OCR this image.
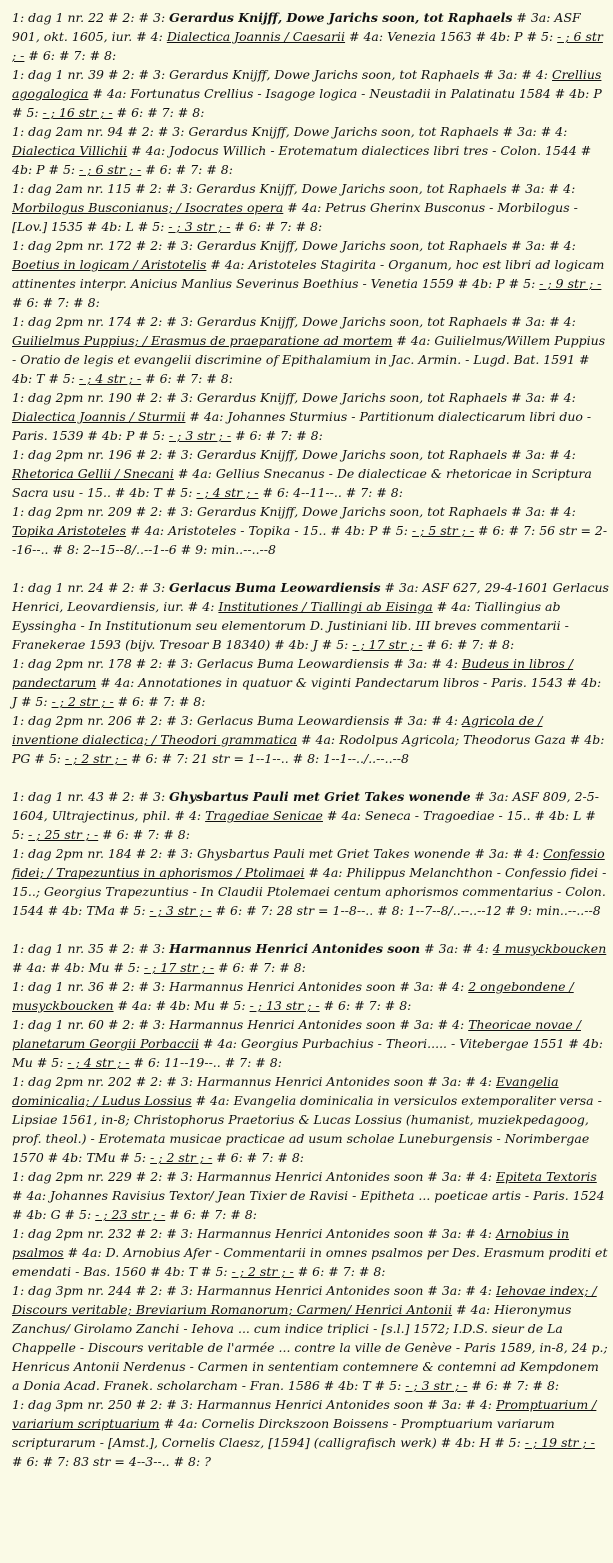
1: dag 1 nr. 22 # 2: # 3: Gerardus Knijff, Dowe Jarichs soon, tot Raphaels # 3a: ASF 901, okt. 1605, iur. # 4: Dialectica Joannis / Caesarii # 4a: Venezia 1563 # 4b: P # 5: - ; 6 str ; - # 6: # 7: # 8:
1: dag 1 nr. 39 # 2: # 3: Gerardus Knijff, Dowe Jarichs soon, tot Raphaels # 3a: # 4: Crellius agogalogica # 4a: Fortunatus Crellius - Isagoge logica - Neustadii in Palatinatu 1584 # 4b: P # 5: - ; 16 str ; - # 6: # 7: # 8:
1: dag 2am nr. 94 # 2: # 3: Gerardus Knijff, Dowe Jarichs soon, tot Raphaels # 3a: # 4: Dialectica Villichii # 4a: Jodocus Willich - Erotematum dialectices libri tres - Colon. 1544 # 4b: P # 5: - ; 6 str ; - # 6: # 7: # 8:
1: dag 2am nr. 115 # 2: # 3: Gerardus Knijff, Dowe Jarichs soon, tot Raphaels # 3a: # 4: Morbilogus Busconianus; / Isocrates opera # 4a: Petrus Gherinx Busconus - Morbilogus - [Lov.] 1535 # 4b: L # 5: - ; 3 str ; - # 6: # 7: # 8:
1: dag 2pm nr. 172 # 2: # 3: Gerardus Knijff, Dowe Jarichs soon, tot Raphaels # 3a: # 4: Boetius in logicam / Aristotelis # 4a: Aristoteles Stagirita - Organum, hoc est libri ad logicam attinentes interpr. Anicius Manlius Severinus Boethius - Venetia 1559 # 4b: P # 5: - ; 9 str ; - # 6: # 7: # 8:
1: dag 2pm nr. 174 # 2: # 3: Gerardus Knijff, Dowe Jarichs soon, tot Raphaels # 3a: # 4: Guilielmus Puppius; / Erasmus de praeparatione ad mortem # 4a: Guilielmus/Willem Puppius - Oratio de legis et evangelii discrimine of Epithalamium in Jac. Armin. - Lugd. Bat. 1591 # 4b: T # 5: - ; 4 str ; - # 6: # 7: # 8:
1: dag 2pm nr. 190 # 2: # 3: Gerardus Knijff, Dowe Jarichs soon, tot Raphaels # 3a: # 4: Dialectica Joannis / Sturmii # 4a: Johannes Sturmius - Partitionum dialecticarum libri duo - Paris. 1539 # 4b: P # 5: - ; 3 str ; - # 6: # 7: # 8:
1: dag 2pm nr. 196 # 2: # 3: Gerardus Knijff, Dowe Jarichs soon, tot Raphaels # 3a: # 4: Rhetorica Gellii / Snecani # 4a: Gellius Snecanus - De dialecticae & rhetoricae in Scriptura Sacra usu - 15.. # 4b: T # 5: - ; 4 str ; - # 6: 4--11--.. # 7: # 8:
1: dag 2pm nr. 209 # 2: # 3: Gerardus Knijff, Dowe Jarichs soon, tot Raphaels # 3a: # 4: Topika Aristoteles # 4a: Aristoteles - Topika - 15.. # 4b: P # 5: - ; 5 str ; - # 6: # 7: 56 str = 2--16--.. # 8: 2--15--8/..--1--6 # 9: min..--..--8
1: dag 1 nr. 24 # 2: # 3: Gerlacus Buma Leowardiensis # 3a: ASF 627, 29-4-1601 Gerlacus Henrici, Leovardiensis, iur. # 4: Institutiones / Tiallingi ab Eisinga # 4a: Tiallingius ab Eyssingha - In Institutionum seu elementorum D. Justiniani lib. III breves commentarii - Franekerae 1593 (bijv. Tresoar B 18340) # 4b: J # 5: - ; 17 str ; - # 6: # 7: # 8:
1: dag 2pm nr. 178 # 2: # 3: Gerlacus Buma Leowardiensis # 3a: # 4: Budeus in libros / pandectarum # 4a: Annotationes in quatuor & viginti Pandectarum libros - Paris. 1543 # 4b: J # 5: - ; 2 str ; - # 6: # 7: # 8:
1: dag 2pm nr. 206 # 2: # 3: Gerlacus Buma Leowardiensis # 3a: # 4: Agricola de / inventione dialectica; / Theodori grammatica # 4a: Rodolpus Agricola; Theodorus Gaza # 4b: PG # 5: - ; 2 str ; - # 6: # 7: 21 str = 1--1--.. # 8: 1--1--../..--..--8
1: dag 1 nr. 43 # 2: # 3: Ghysbartus Pauli met Griet Takes wonende # 3a: ASF 809, 2-5-1604, Ultrajectinus, phil. # 4: Tragediae Senicae # 4a: Seneca - Tragoediae - 15.. # 4b: L # 5: - ; 25 str ; - # 6: # 7: # 8:
1: dag 2pm nr. 184 # 2: # 3: Ghysbartus Pauli met Griet Takes wonende # 3a: # 4: Confessio fidei; / Trapezuntius in aphorismos / Ptolimaei # 4a: Philippus Melanchthon - Confessio fidei - 15..; Georgius Trapezuntius - In Claudii Ptolemaei centum aphorismos commentarius - Colon. 1544 # 4b: TMa # 5: - ; 3 str ; - # 6: # 7: 28 str = 1--8--.. # 8: 1--7--8/..--..--12 # 9: min..--..--8
1: dag 1 nr. 35 # 2: # 3: Harmannus Henrici Antonides soon # 3a: # 4: 4 musyckboucken # 4a: # 4b: Mu # 5: - ; 17 str ; - # 6: # 7: # 8:
1: dag 1 nr. 36 # 2: # 3: Harmannus Henrici Antonides soon # 3a: # 4: 2 ongebondene / musyckboucken # 4a: # 4b: Mu # 5: - ; 13 str ; - # 6: # 7: # 8:
1: dag 1 nr. 60 # 2: # 3: Harmannus Henrici Antonides soon # 3a: # 4: Theoricae novae / planetarum Georgii Porbaccii # 4a: Georgius Purbachius - Theori..... - Vitebergae 1551 # 4b: Mu # 5: - ; 4 str ; - # 6: 11--19--.. # 7: # 8:
1: dag 2pm nr. 202 # 2: # 3: Harmannus Henrici Antonides soon # 3a: # 4: Evangelia dominicalia; / Ludus Lossius # 4a: Evangelia dominicalia in versiculos extemporaliter versa - Lipsiae 1561, in-8; Christophorus Praetorius & Lucas Lossius (humanist, muziekpedagoog, prof. theol.) - Erotemata musicae practicae ad usum scholae Luneburgensis - Norimbergae 1570 # 4b: TMu # 5: - ; 2 str ; - # 6: # 7: # 8:
1: dag 2pm nr. 229 # 2: # 3: Harmannus Henrici Antonides soon # 3a: # 4: Epiteta Textoris # 4a: Johannes Ravisius Textor/ Jean Tixier de Ravisi - Epitheta ... poeticae artis - Paris. 1524 # 4b: G # 5: - ; 23 str ; - # 6: # 7: # 8:
1: dag 2pm nr. 232 # 2: # 3: Harmannus Henrici Antonides soon # 3a: # 4: Arnobius in psalmos # 4a: D. Arnobius Afer - Commentarii in omnes psalmos per Des. Erasmum proditi et emendati - Bas. 1560 # 4b: T # 5: - ; 2 str ; - # 6: # 7: # 8:
1: dag 3pm nr. 244 # 2: # 3: Harmannus Henrici Antonides soon # 3a: # 4: Iehovae index; / Discours veritable; Breviarium Romanorum; Carmen/ Henrici Antonii # 4a: Hieronymus Zanchus/ Girolamo Zanchi - Iehova ... cum indice triplici - [s.l.] 1572; I.D.S. sieur de La Chappelle - Discours veritable de l'armée ... contre la ville de Genève - Paris 1589, in-8, 24 p.; Henricus Antonii Nerdenus - Carmen in sententiam contemnere & contemni ad Kempdonem a Donia Acad. Franek. scholarcham - Fran. 1586 # 4b: T # 5: - ; 3 str ; - # 6: # 7: # 8:
1: dag 3pm nr. 250 # 2: # 3: Harmannus Henrici Antonides soon # 3a: # 4: Promptuarium / variarium scriptuarium # 4a: Cornelis Dirckszoon Boissens - Promptuarium variarum scripturarum - [Amst.], Cornelis Claesz, [1594] (calligrafisch werk) # 4b: H # 5: - ; 19 str ; - # 6: # 7: 83 str = 4--3--.. # 8: ?
